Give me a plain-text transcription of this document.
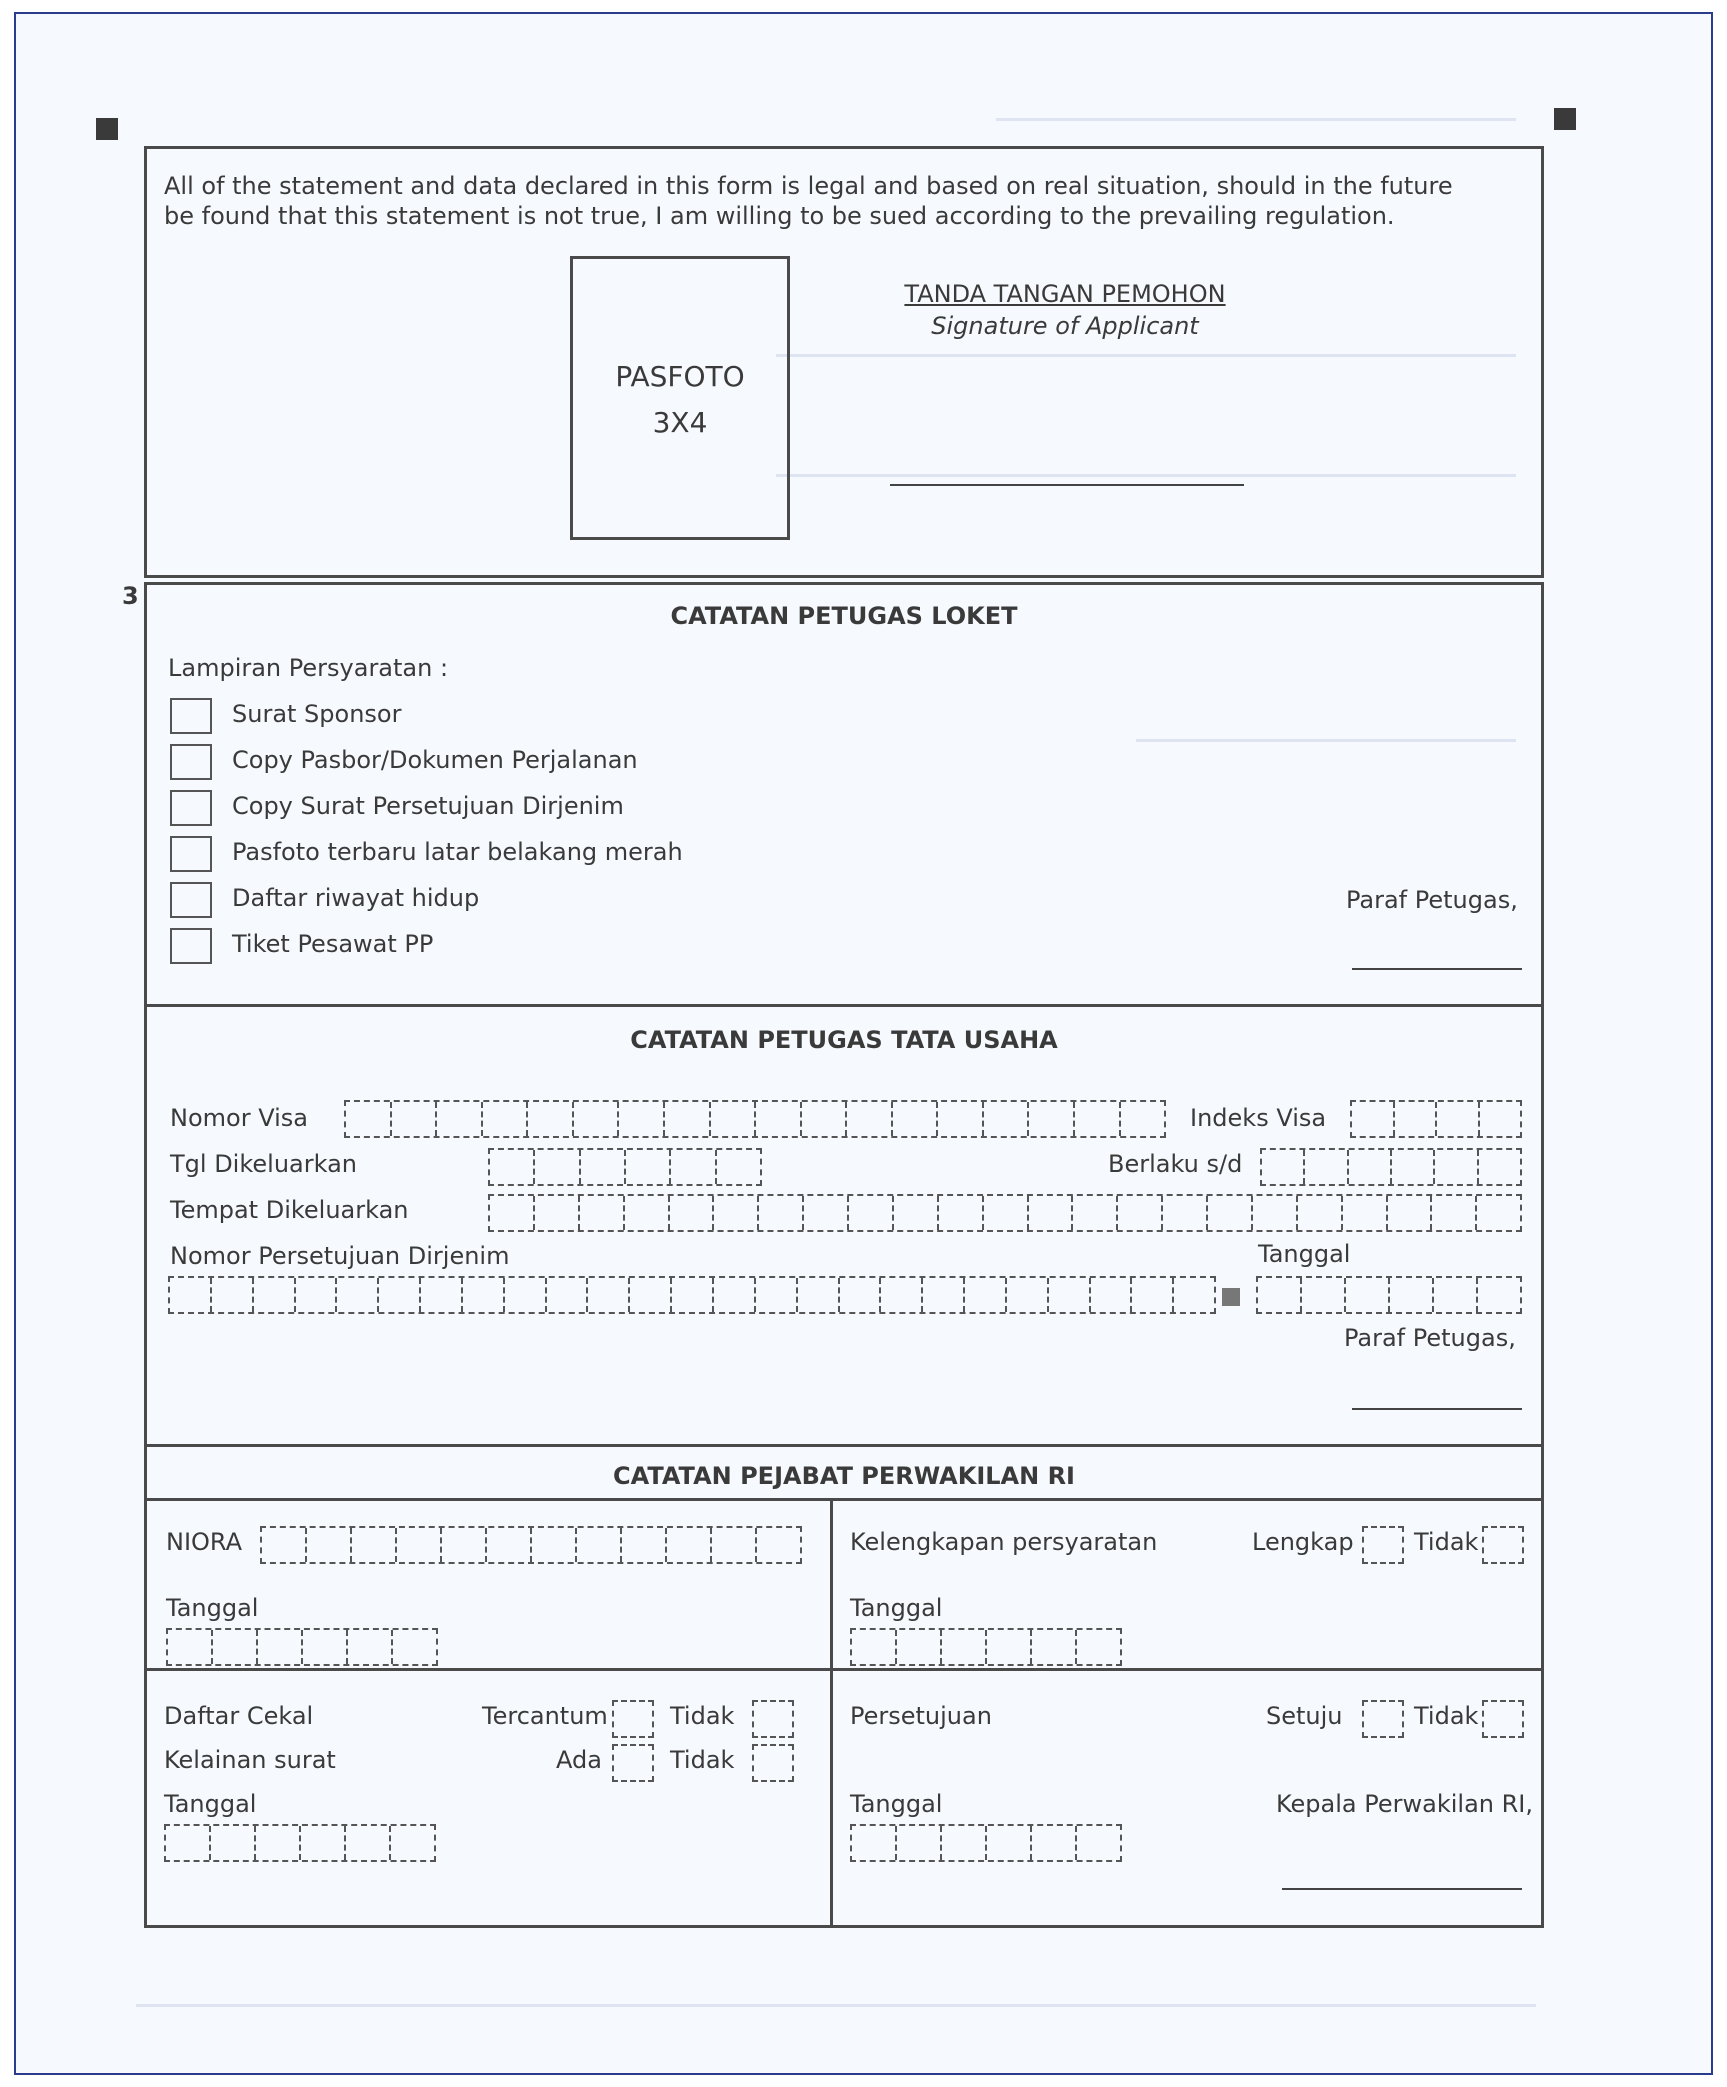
All of the statement and data declared in this form is legal and based on real situation, should in the future
be found that this statement is not true, I am willing to be sued according to the prevailing regulation.
PASFOTO
3X4
TANDA TANGAN PEMOHON
Signature of Applicant
3
CATATAN PETUGAS LOKET
Lampiran Persyaratan :
Surat Sponsor
Copy Pasbor/Dokumen Perjalanan
Copy Surat Persetujuan Dirjenim
Pasfoto terbaru latar belakang merah
Daftar riwayat hidup
Tiket Pesawat PP
Paraf Petugas,
CATATAN PETUGAS TATA USAHA
Nomor Visa	Indeks Visa
Tgl Dikeluarkan	Berlaku s/d
Tempat Dikeluarkan
Nomor Persetujuan Dirjenim	Tanggal
Paraf Petugas,
CATATAN PEJABAT PERWAKILAN RI
NIORA
Tanggal
Kelengkapan persyaratan	Lengkap	Tidak
Tanggal
Daftar Cekal	Tercantum	Tidak
Kelainan surat	Ada	Tidak
Tanggal
Persetujuan	Setuju	Tidak
Tanggal	Kepala Perwakilan RI,
